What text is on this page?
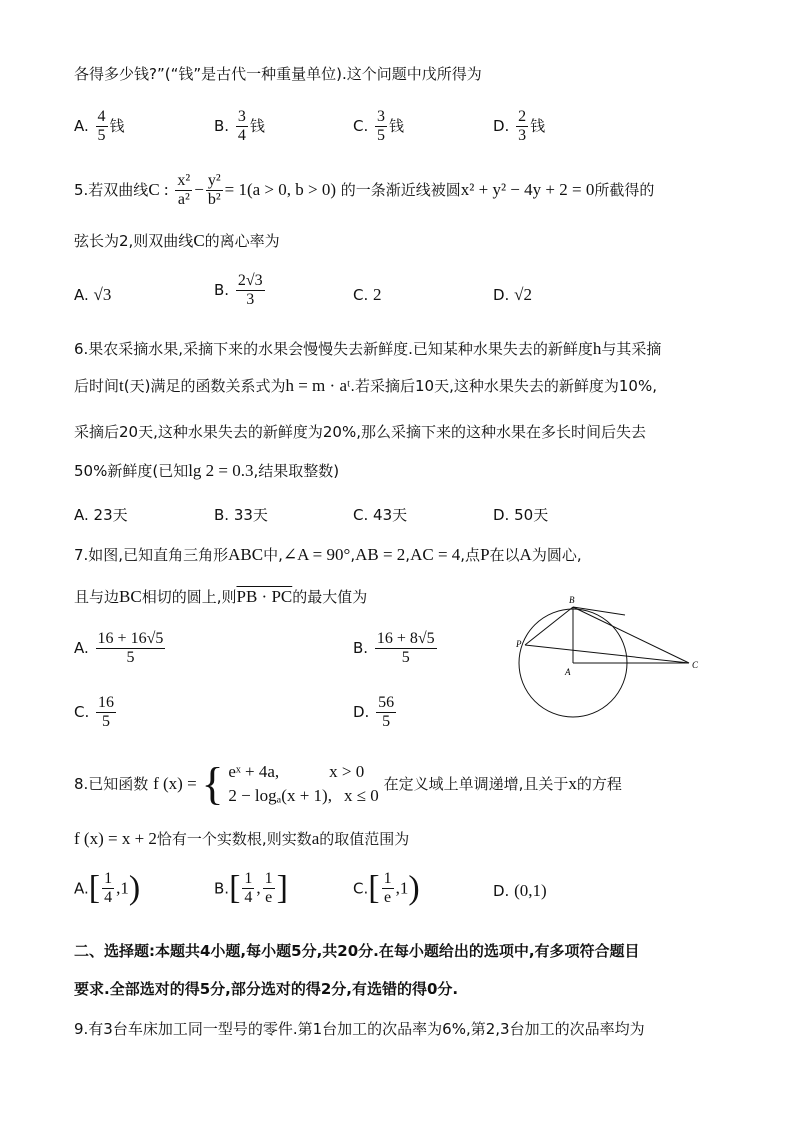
各得多少钱?”(“钱”是古代一种重量单位).这个问题中戊所得为
A. $\frac{4}{5}$ 钱	B. $\frac{3}{4}$ 钱	C. $\frac{3}{5}$ 钱	D. $\frac{2}{3}$ 钱
5.若双曲线C : $\frac{\text{x²}}{\text{a²}} - \frac{\text{y²}}{\text{b²}} = 1(a > 0$, b > 0) 的一条渐近线被圆x² + y² − 4y + 2 = 0所截得的
弦长为2,则双曲线C的离心率为
A. √3	B. $\frac{2√3}{3}$	C. 2	D. √2
6.果农采摘水果,采摘下来的水果会慢慢失去新鲜度.已知某种水果失去的新鲜度h与其采摘
后时间t(天)满足的函数关系式为h = m · aᵗ.若采摘后10天,这种水果失去的新鲜度为10%,
采摘后20天,这种水果失去的新鲜度为20%,那么采摘下来的这种水果在多长时间后失去
50%新鲜度(已知lg 2 = 0.3,结果取整数)
A. 23天	B. 33天	C. 43天	D. 50天
7.如图,已知直角三角形ABC中,∠A = 90°,AB = 2,AC = 4,点P在以A为圆心,
且与边BC相切的圆上,则PB · PC的最大值为
A. $\frac{16 + 16√5}{5}$	B. $\frac{16 + 8√5}{5}$
C. $\frac{16}{5}$	D. $\frac{56}{5}$
B
P
A
C
8.已知函数 f (x) = { eˣ + 4a,	x > 0
2 − logₐ(x + 1), x ≤ 0
在定义域上单调递增,且关于x的方程
f (x) = x + 2恰有一个实数根,则实数a的取值范围为
$A.[ \frac{1}{4} ,1)$	$B.[ \frac{1}{4}$ , $\frac{1}{e}$ ]	$C.[ \frac{1}{e} ,1)$	D. (0,1)
二、选择题:本题共4小题,每小题5分,共20分.在每小题给出的选项中,有多项符合题目
要求.全部选对的得5分,部分选对的得2分,有选错的得0分.
9.有3台车床加工同一型号的零件.第1台加工的次品率为6%,第2,3台加工的次品率均为
